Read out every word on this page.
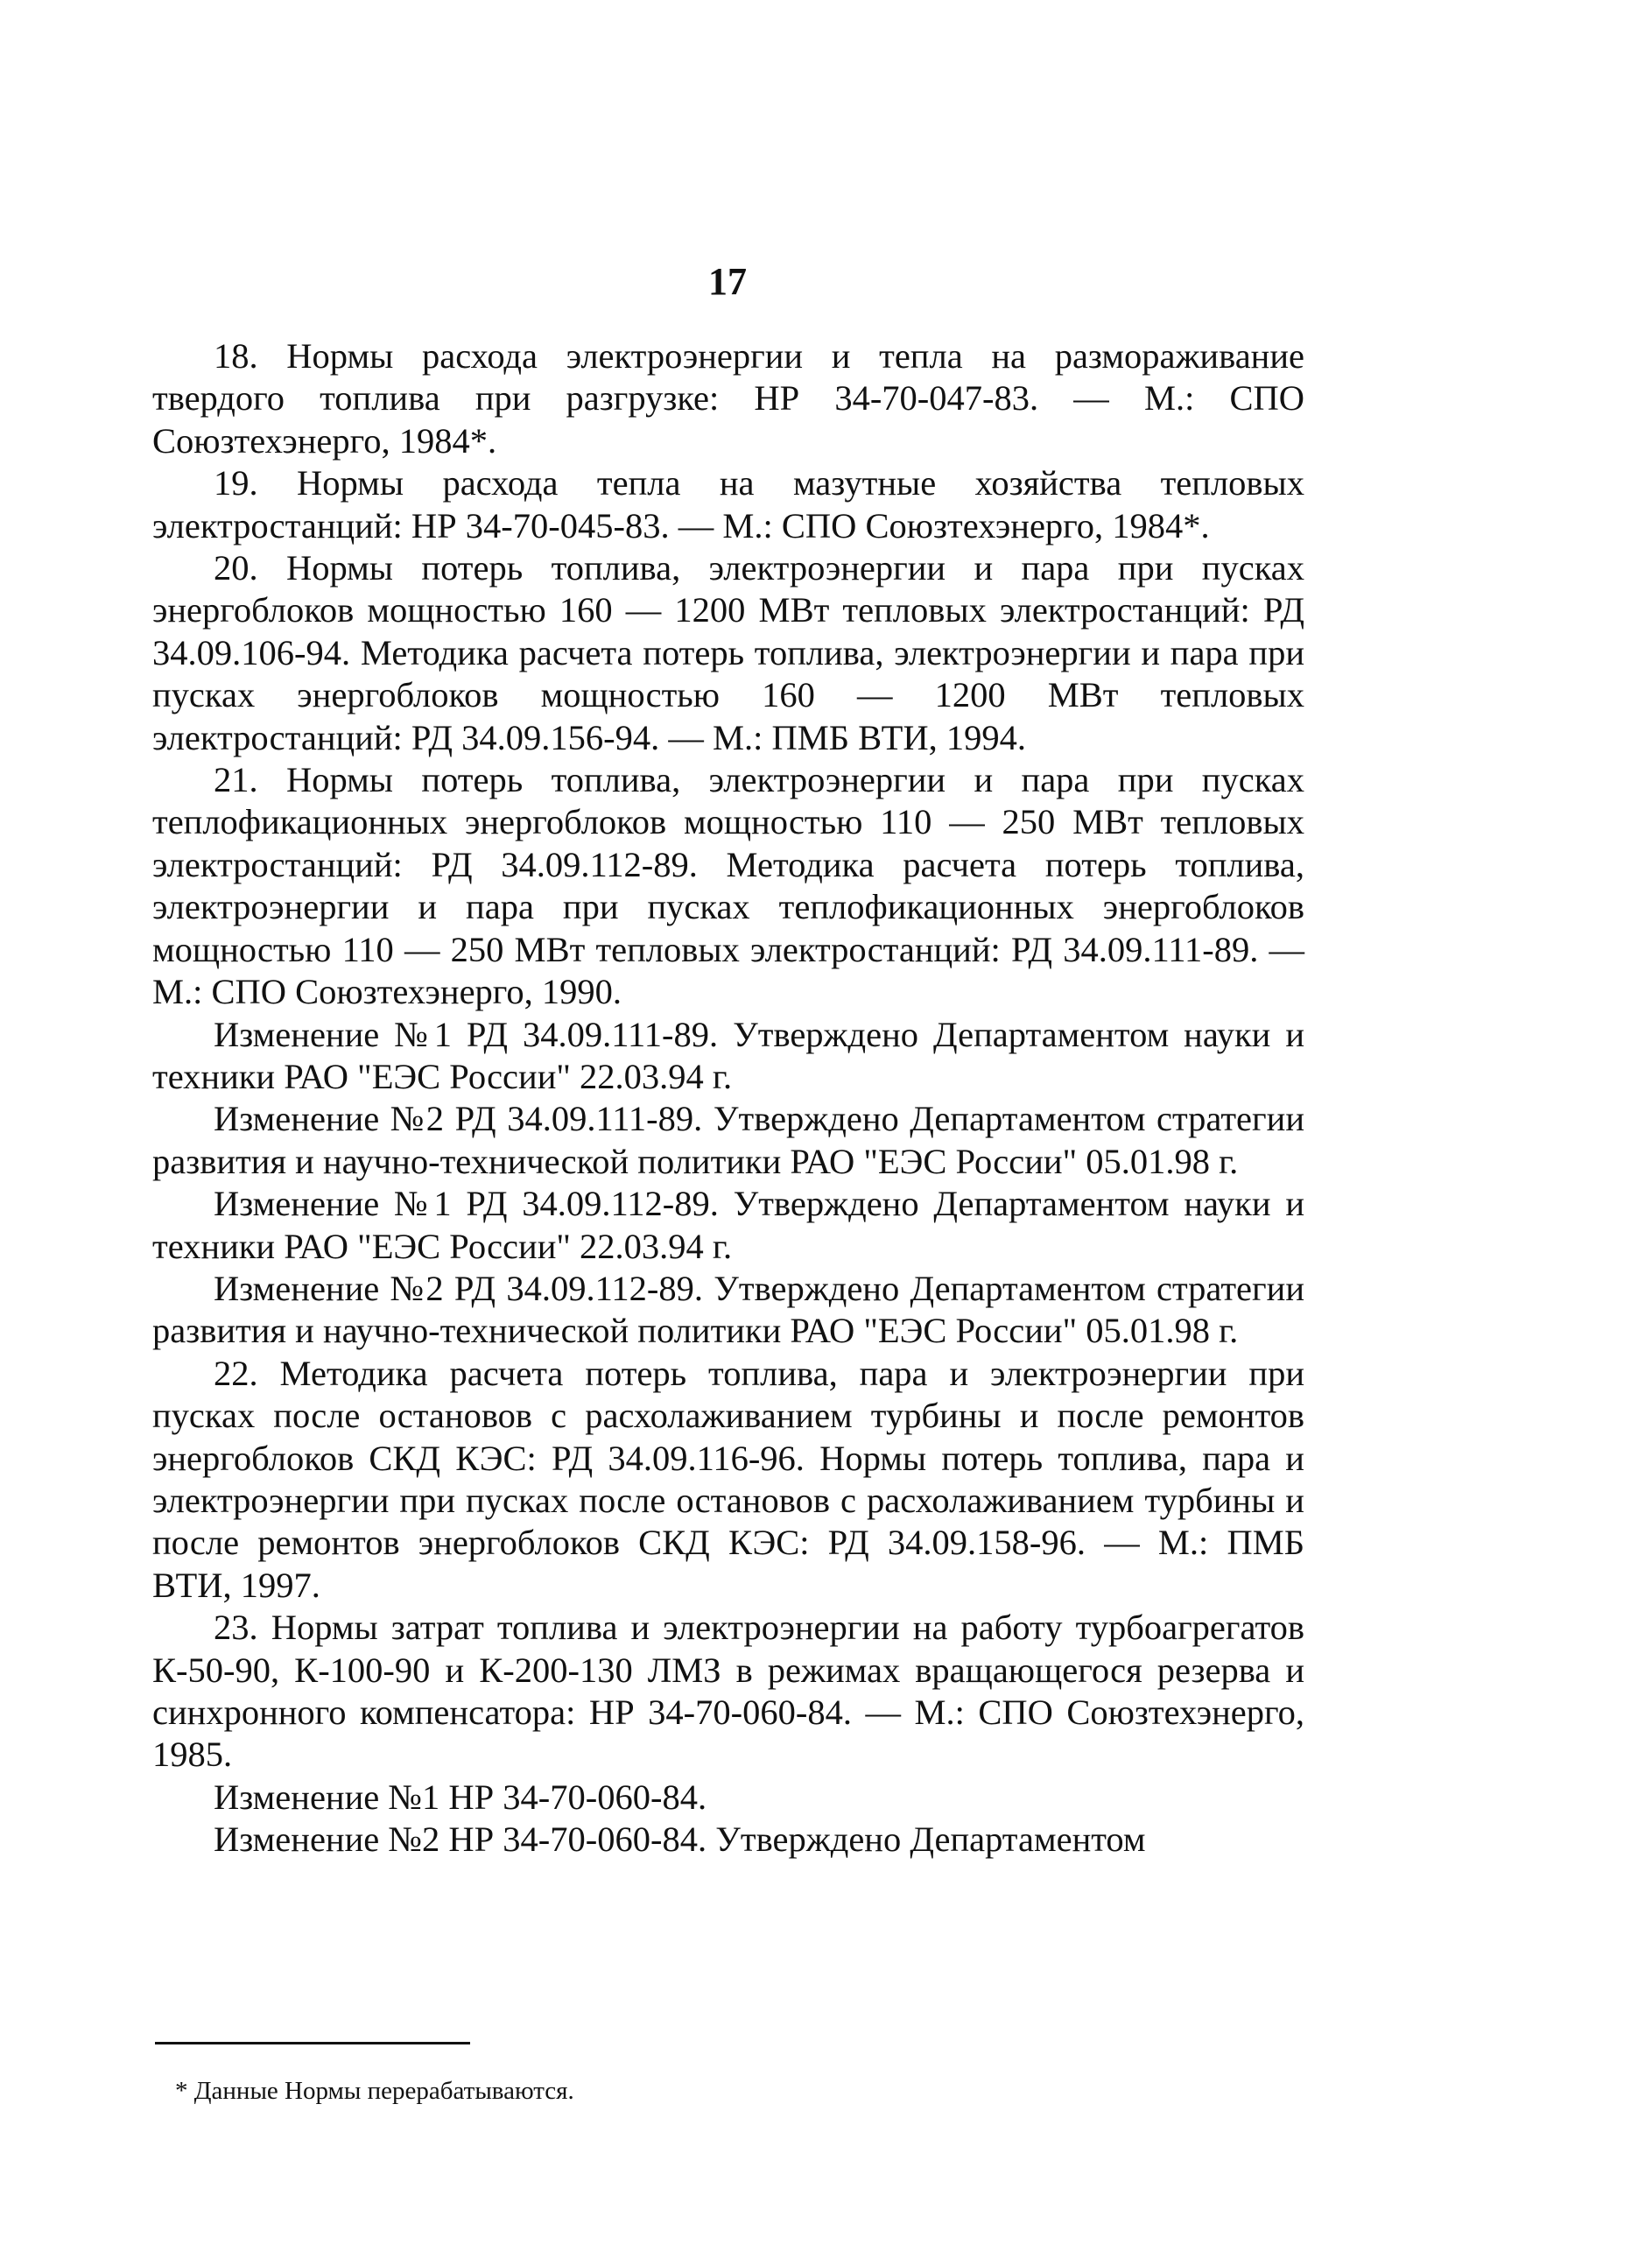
17

18. Нормы расхода электроэнергии и тепла на размораживание твердого топлива при разгрузке: НР 34-70-047-83. — М.: СПО Союзтехэнерго, 1984*.

19. Нормы расхода тепла на мазутные хозяйства тепловых электростанций: НР 34-70-045-83. — М.: СПО Союзтехэнерго, 1984*.

20. Нормы потерь топлива, электроэнергии и пара при пусках энергоблоков мощностью 160 — 1200 МВт тепловых электростанций: РД 34.09.106-94. Методика расчета потерь топлива, электроэнергии и пара при пусках энергоблоков мощностью 160 — 1200 МВт тепловых электростанций: РД 34.09.156-94. — М.: ПМБ ВТИ, 1994.

21. Нормы потерь топлива, электроэнергии и пара при пусках теплофикационных энергоблоков мощностью 110 — 250 МВт тепловых электростанций: РД 34.09.112-89. Методика расчета потерь топлива, электроэнергии и пара при пусках теплофикационных энергоблоков мощностью 110 — 250 МВт тепловых электростанций: РД 34.09.111-89. — М.: СПО Союзтехэнерго, 1990.

Изменение №1 РД 34.09.111-89. Утверждено Департаментом науки и техники РАО "ЕЭС России" 22.03.94 г.

Изменение №2 РД 34.09.111-89. Утверждено Департаментом стратегии развития и научно-технической политики РАО "ЕЭС России" 05.01.98 г.

Изменение №1 РД 34.09.112-89. Утверждено Департаментом науки и техники РАО "ЕЭС России" 22.03.94 г.

Изменение №2 РД 34.09.112-89. Утверждено Департаментом стратегии развития и научно-технической политики РАО "ЕЭС России" 05.01.98 г.

22. Методика расчета потерь топлива, пара и электроэнергии при пусках после остановов с расхолаживанием турбины и после ремонтов энергоблоков СКД КЭС: РД 34.09.116-96. Нормы потерь топлива, пара и электроэнергии при пусках после остановов с расхолаживанием турбины и после ремонтов энергоблоков СКД КЭС: РД 34.09.158-96. — М.: ПМБ ВТИ, 1997.

23. Нормы затрат топлива и электроэнергии на работу турбоагрегатов К-50-90, К-100-90 и К-200-130 ЛМЗ в режимах вращающегося резерва и синхронного компенсатора: НР 34-70-060-84. — М.: СПО Союзтехэнерго, 1985.

Изменение №1 НР 34-70-060-84.

Изменение №2 НР 34-70-060-84. Утверждено Департаментом

* Данные Нормы перерабатываются.
